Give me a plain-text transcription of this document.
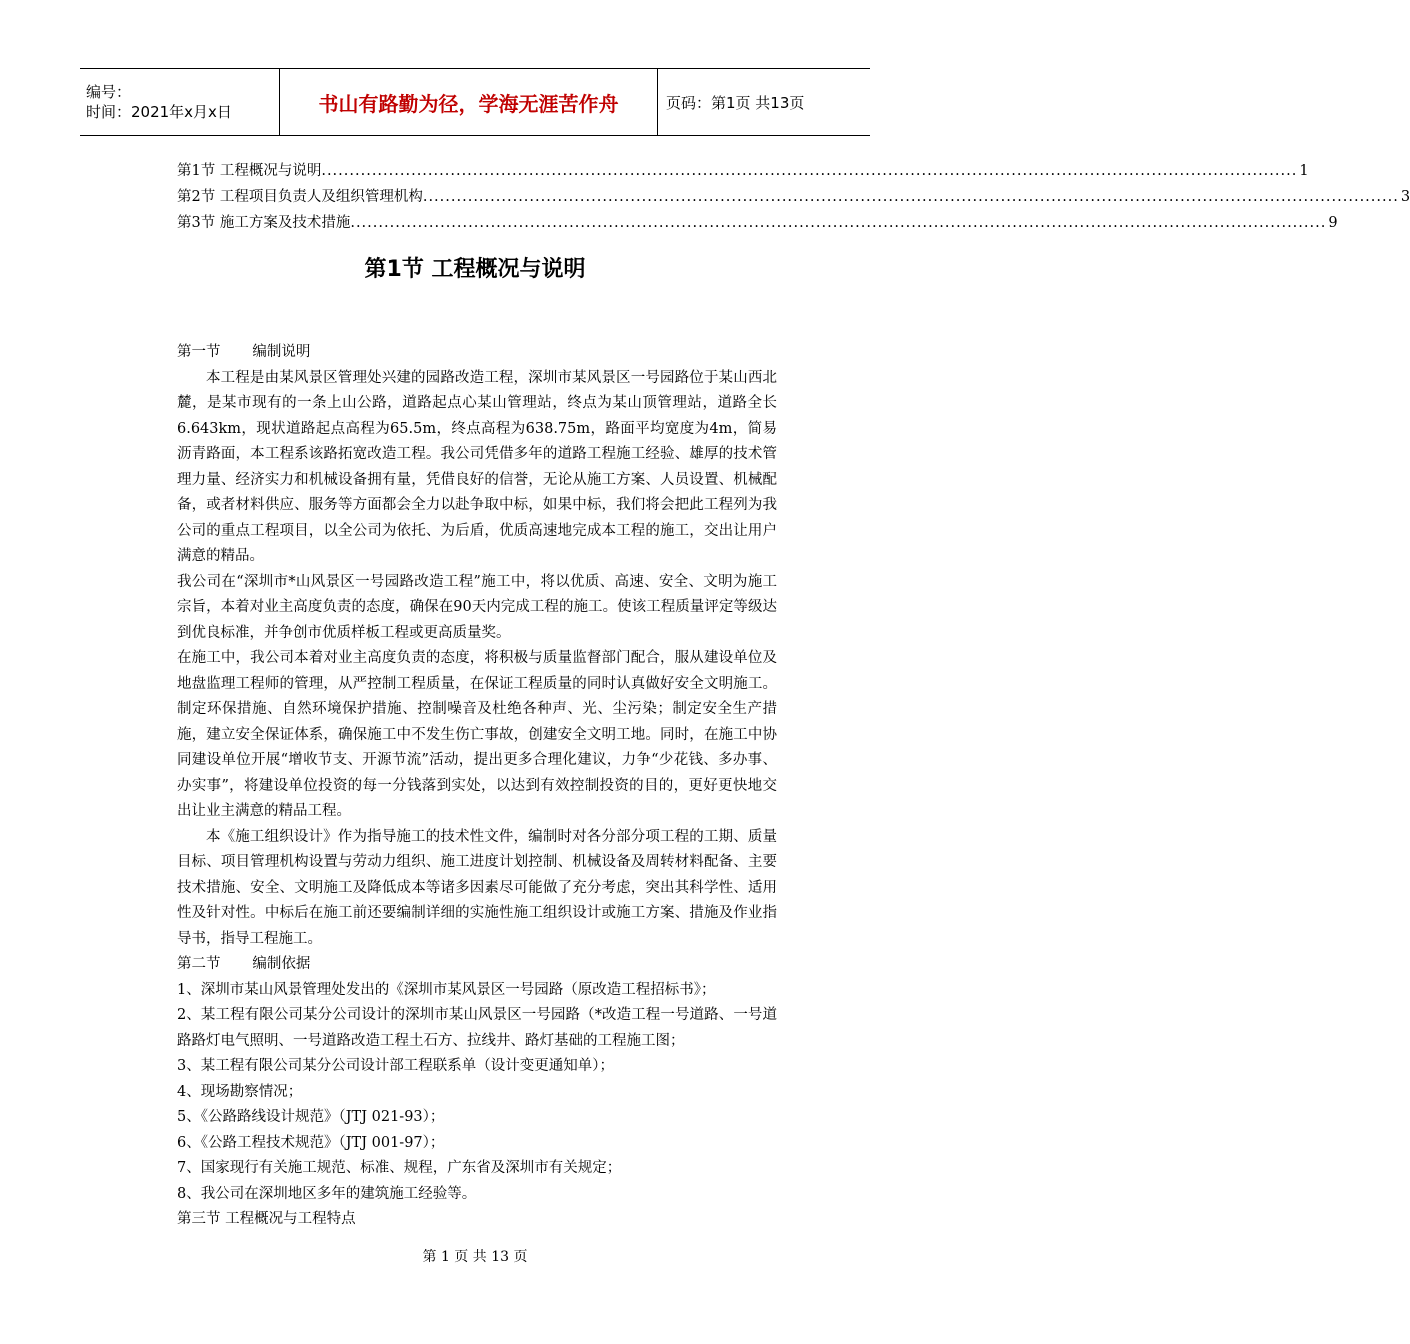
编号：
时间：2021年x月x日	书山有路勤为径，学海无涯苦作舟	页码：第1页 共13页
第1节 工程概况与说明 .............................................................................................................................................................................. 1
第2节 工程项目负责人及组织管理机构 .............................................................................................................................................................................. 3
第3节 施工方案及技术措施 .............................................................................................................................................................................. 9
第1节 工程概况与说明

第一节 编制说明

本工程是由某风景区管理处兴建的园路改造工程，深圳市某风景区一号园路位于某山西北麓，是某市现有的一条上山公路，道路起点心某山管理站，终点为某山顶管理站，道路全长6.643km，现状道路起点高程为65.5m，终点高程为638.75m，路面平均宽度为4m，简易沥青路面，本工程系该路拓宽改造工程。我公司凭借多年的道路工程施工经验、雄厚的技术管理力量、经济实力和机械设备拥有量，凭借良好的信誉，无论从施工方案、人员设置、机械配备，或者材料供应、服务等方面都会全力以赴争取中标，如果中标，我们将会把此工程列为我公司的重点工程项目，以全公司为依托、为后盾，优质高速地完成本工程的施工，交出让用户满意的精品。

我公司在“深圳市*山风景区一号园路改造工程”施工中，将以优质、高速、安全、文明为施工宗旨，本着对业主高度负责的态度，确保在90天内完成工程的施工。使该工程质量评定等级达到优良标准，并争创市优质样板工程或更高质量奖。

在施工中，我公司本着对业主高度负责的态度，将积极与质量监督部门配合，服从建设单位及地盘监理工程师的管理，从严控制工程质量，在保证工程质量的同时认真做好安全文明施工。制定环保措施、自然环境保护措施、控制噪音及杜绝各种声、光、尘污染；制定安全生产措施，建立安全保证体系，确保施工中不发生伤亡事故，创建安全文明工地。同时，在施工中协同建设单位开展“增收节支、开源节流”活动，提出更多合理化建议，力争“少花钱、多办事、办实事”，将建设单位投资的每一分钱落到实处，以达到有效控制投资的目的，更好更快地交出让业主满意的精品工程。

本《施工组织设计》作为指导施工的技术性文件，编制时对各分部分项工程的工期、质量目标、项目管理机构设置与劳动力组织、施工进度计划控制、机械设备及周转材料配备、主要技术措施、安全、文明施工及降低成本等诸多因素尽可能做了充分考虑，突出其科学性、适用性及针对性。中标后在施工前还要编制详细的实施性施工组织设计或施工方案、措施及作业指导书，指导工程施工。

第二节 编制依据

1、深圳市某山风景管理处发出的《深圳市某风景区一号园路（原改造工程招标书》；

2、某工程有限公司某分公司设计的深圳市某山风景区一号园路（*改造工程一号道路、一号道路路灯电气照明、一号道路改造工程土石方、拉线井、路灯基础的工程施工图；

3、某工程有限公司某分公司设计部工程联系单（设计变更通知单）；

4、现场勘察情况；

5、《公路路线设计规范》（JTJ 021-93）；

6、《公路工程技术规范》（JTJ 001-97）；

7、国家现行有关施工规范、标准、规程，广东省及深圳市有关规定；

8、我公司在深圳地区多年的建筑施工经验等。

第三节 工程概况与工程特点

第 1 页 共 13 页
